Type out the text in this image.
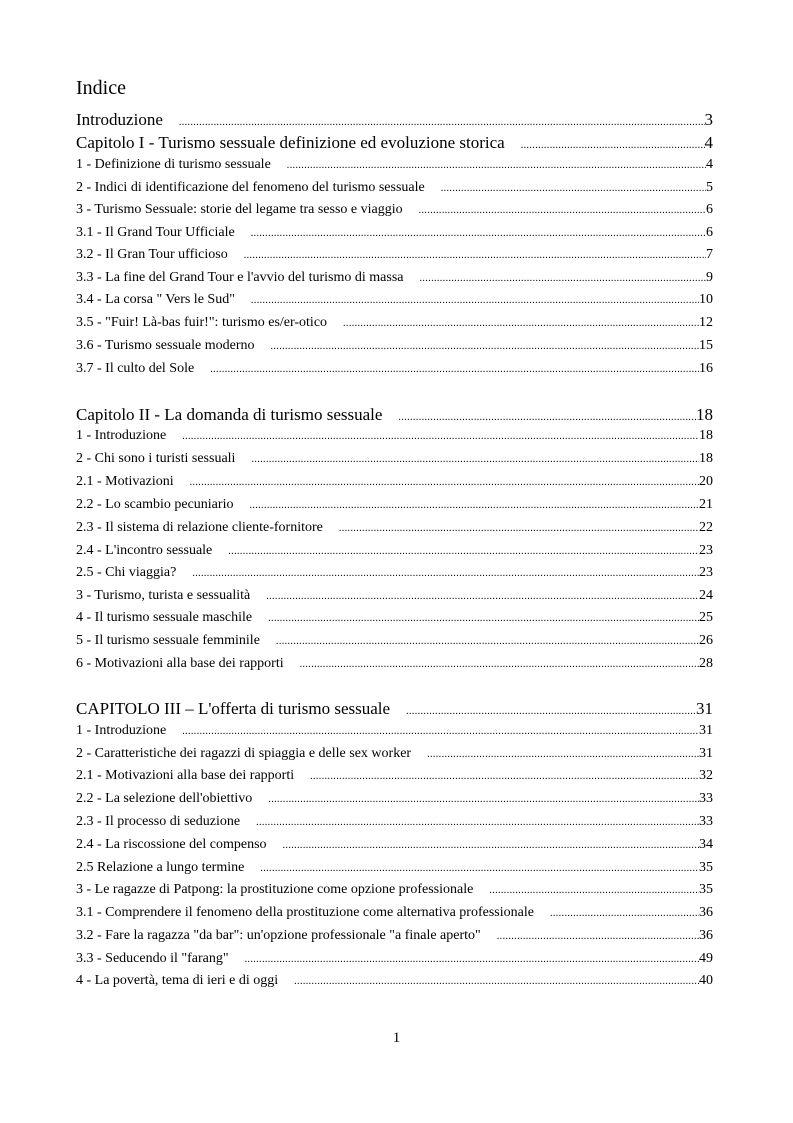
Indice
Introduzione .....	3
Capitolo I - Turismo sessuale definizione ed evoluzione storica .....	4
1 - Definizione di turismo sessuale .....	4
2 - Indici di identificazione del fenomeno del turismo sessuale .....	5
3 - Turismo Sessuale: storie del legame tra sesso e viaggio .....	6
3.1 - Il Grand Tour Ufficiale .....	6
3.2 - Il Gran Tour ufficioso .....	7
3.3 - La fine del Grand Tour e l'avvio del turismo di massa .....	9
3.4 - La corsa " Vers le Sud" .....	10
3.5 - "Fuir! Là-bas fuir!": turismo es/er-otico .....	12
3.6 - Turismo sessuale moderno .....	15
3.7 - Il culto del Sole .....	16
Capitolo II - La domanda di turismo sessuale .....	18
1 - Introduzione .....	18
2 - Chi sono i turisti sessuali .....	18
2.1 - Motivazioni .....	20
2.2 - Lo scambio pecuniario .....	21
2.3 - Il sistema di relazione cliente-fornitore .....	22
2.4 - L'incontro sessuale .....	23
2.5 - Chi viaggia? .....	23
3 - Turismo, turista e sessualità .....	24
4 - Il turismo sessuale maschile .....	25
5 - Il turismo sessuale femminile .....	26
6 - Motivazioni alla base dei rapporti .....	28
CAPITOLO III – L'offerta di turismo sessuale .....	31
1 - Introduzione .....	31
2 - Caratteristiche dei ragazzi di spiaggia e delle sex worker .....	31
2.1 - Motivazioni alla base dei rapporti .....	32
2.2 - La selezione dell'obiettivo .....	33
2.3 - Il processo di seduzione .....	33
2.4 - La riscossione del compenso .....	34
2.5 Relazione a lungo termine .....	35
3 - Le ragazze di Patpong: la prostituzione come opzione professionale .....	35
3.1 - Comprendere il fenomeno della prostituzione come alternativa professionale .....	36
3.2 - Fare la ragazza "da bar": un'opzione professionale "a finale aperto" .....	36
3.3 - Seducendo il "farang" .....	49
4 - La povertà, tema di ieri e di oggi .....	40
1
